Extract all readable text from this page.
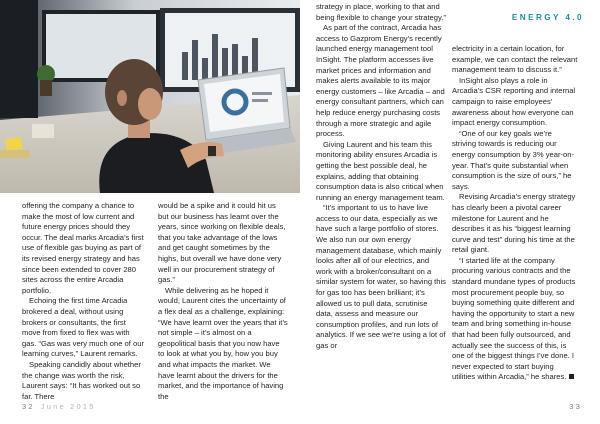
ENERGY 4.0

offering the company a chance to make the most of low current and future energy prices should they occur. The deal marks Arcadia’s first use of flexible gas buying as part of its revised energy strategy and has since been extended to cover 280 sites across the entire Arcadia portfolio.

Echoing the first time Arcadia brokered a deal, without using brokers or consultants, the first move from fixed to flex was with gas. “Gas was very much one of our learning curves,” Laurent remarks.

Speaking candidly about whether the change was worth the risk, Laurent says: “It has worked out so far. There

would be a spike and it could hit us but our business has learnt over the years, since working on flexible deals, that you take advantage of the lows and get caught sometimes by the highs, but overall we have done very well in our procurement strategy of gas.”

While delivering as he hoped it would, Laurent cites the uncertainty of a flex deal as a challenge, explaining: “We have learnt over the years that it’s not simple – it’s almost on a geopolitical basis that you now have to look at what you by, how you buy and what impacts the market. We have learnt about the drivers for the market, and the importance of having the

strategy in place, working to that and being flexible to change your strategy.”

As part of the contract, Arcadia has access to Gazprom Energy’s recently launched energy management tool InSight. The platform accesses live market prices and information and makes alerts available to its major energy customers – like Arcadia – and energy consultant partners, which can help reduce energy purchasing costs through a more strategic and agile process.

Giving Laurent and his team this monitoring ability ensures Arcadia is getting the best possible deal, he explains, adding that obtaining consumption data is also critical when running an energy management team.

“It’s important to us to have live access to our data, especially as we have such a large portfolio of stores. We also run our own energy management database, which mainly looks after all of our electrics, and work with a broker/consultant on a similar system for water, so having this for gas too has been brilliant; it’s allowed us to pull data, scrutinise data, assess and measure our consumption profiles, and run lots of analytics. If we see we’re using a lot of gas or

electricity in a certain location, for example, we can contact the relevant management team to discuss it.”

InSight also plays a role in Arcadia’s CSR reporting and internal campaign to raise employees’ awareness about how everyone can impact energy consumption.

“One of our key goals we’re striving towards is reducing our energy consumption by 3% year-on-year. That’s quite substantial when consumption is the size of ours,” he says.

Revising Arcadia’s energy strategy has clearly been a pivotal career milestone for Laurent and he describes it as his “biggest learning curve and test” during his time at the retail giant.

“I started life at the company procuring various contracts and the standard mundane types of products most procurement people buy, so buying something quite different and having the opportunity to start a new team and bring something in-house that had been fully outsourced, and actually see the success of this, is one of the biggest things I’ve done. I never expected to start buying utilities within Arcadia,” he shares.

32 June 2015	33
